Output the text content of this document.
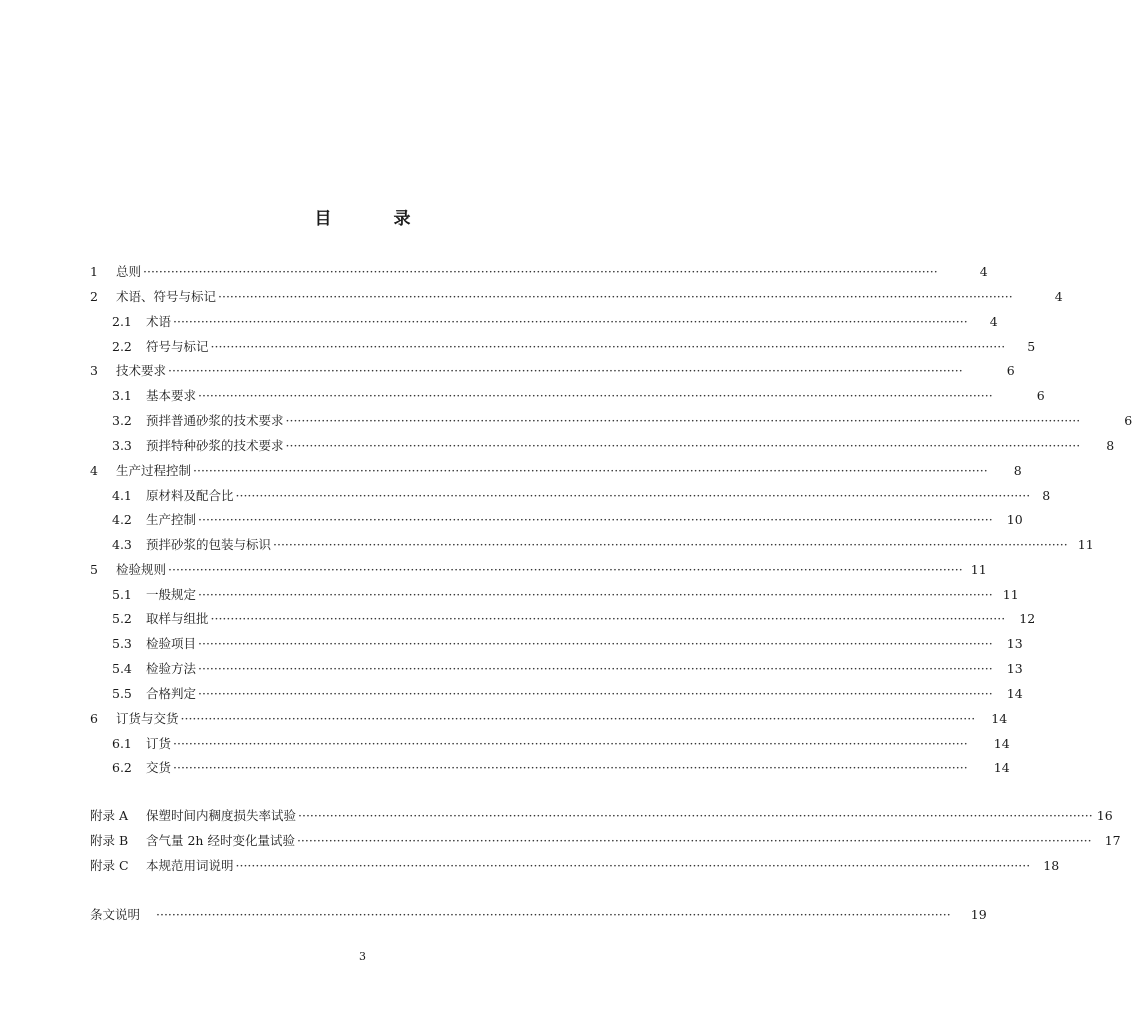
目	录
1	总则 ········································································································································································································	4
2	术语、符号与标记 ········································································································································································································	4
2.1	术语 ········································································································································································································	4
2.2	符号与标记 ········································································································································································································	5
3	技术要求 ········································································································································································································	6
3.1	基本要求 ········································································································································································································	6
3.2	预拌普通砂浆的技术要求 ········································································································································································································	6
3.3	预拌特种砂浆的技术要求 ········································································································································································································	8
4	生产过程控制 ········································································································································································································	8
4.1	原材料及配合比 ········································································································································································································ 8
4.2	生产控制 ········································································································································································································ 10
4.3	预拌砂浆的包装与标识 ········································································································································································································ 11
5	检验规则 ········································································································································································································ 11
5.1	一般规定 ········································································································································································································ 11
5.2	取样与组批 ········································································································································································································ 12
5.3	检验项目 ········································································································································································································ 13
5.4	检验方法 ········································································································································································································ 13
5.5	合格判定 ········································································································································································································ 14
6	订货与交货 ········································································································································································································ 14
6.1	订货 ········································································································································································································ 14
6.2	交货 ········································································································································································································ 14
附录 A	保塑时间内稠度损失率试验 ········································································································································································································ 16
附录 B	含气量 2h 经时变化量试验 ········································································································································································································ 17
附录 C	本规范用词说明 ········································································································································································································ 18
条文说明 ········································································································································································································ 19
3
